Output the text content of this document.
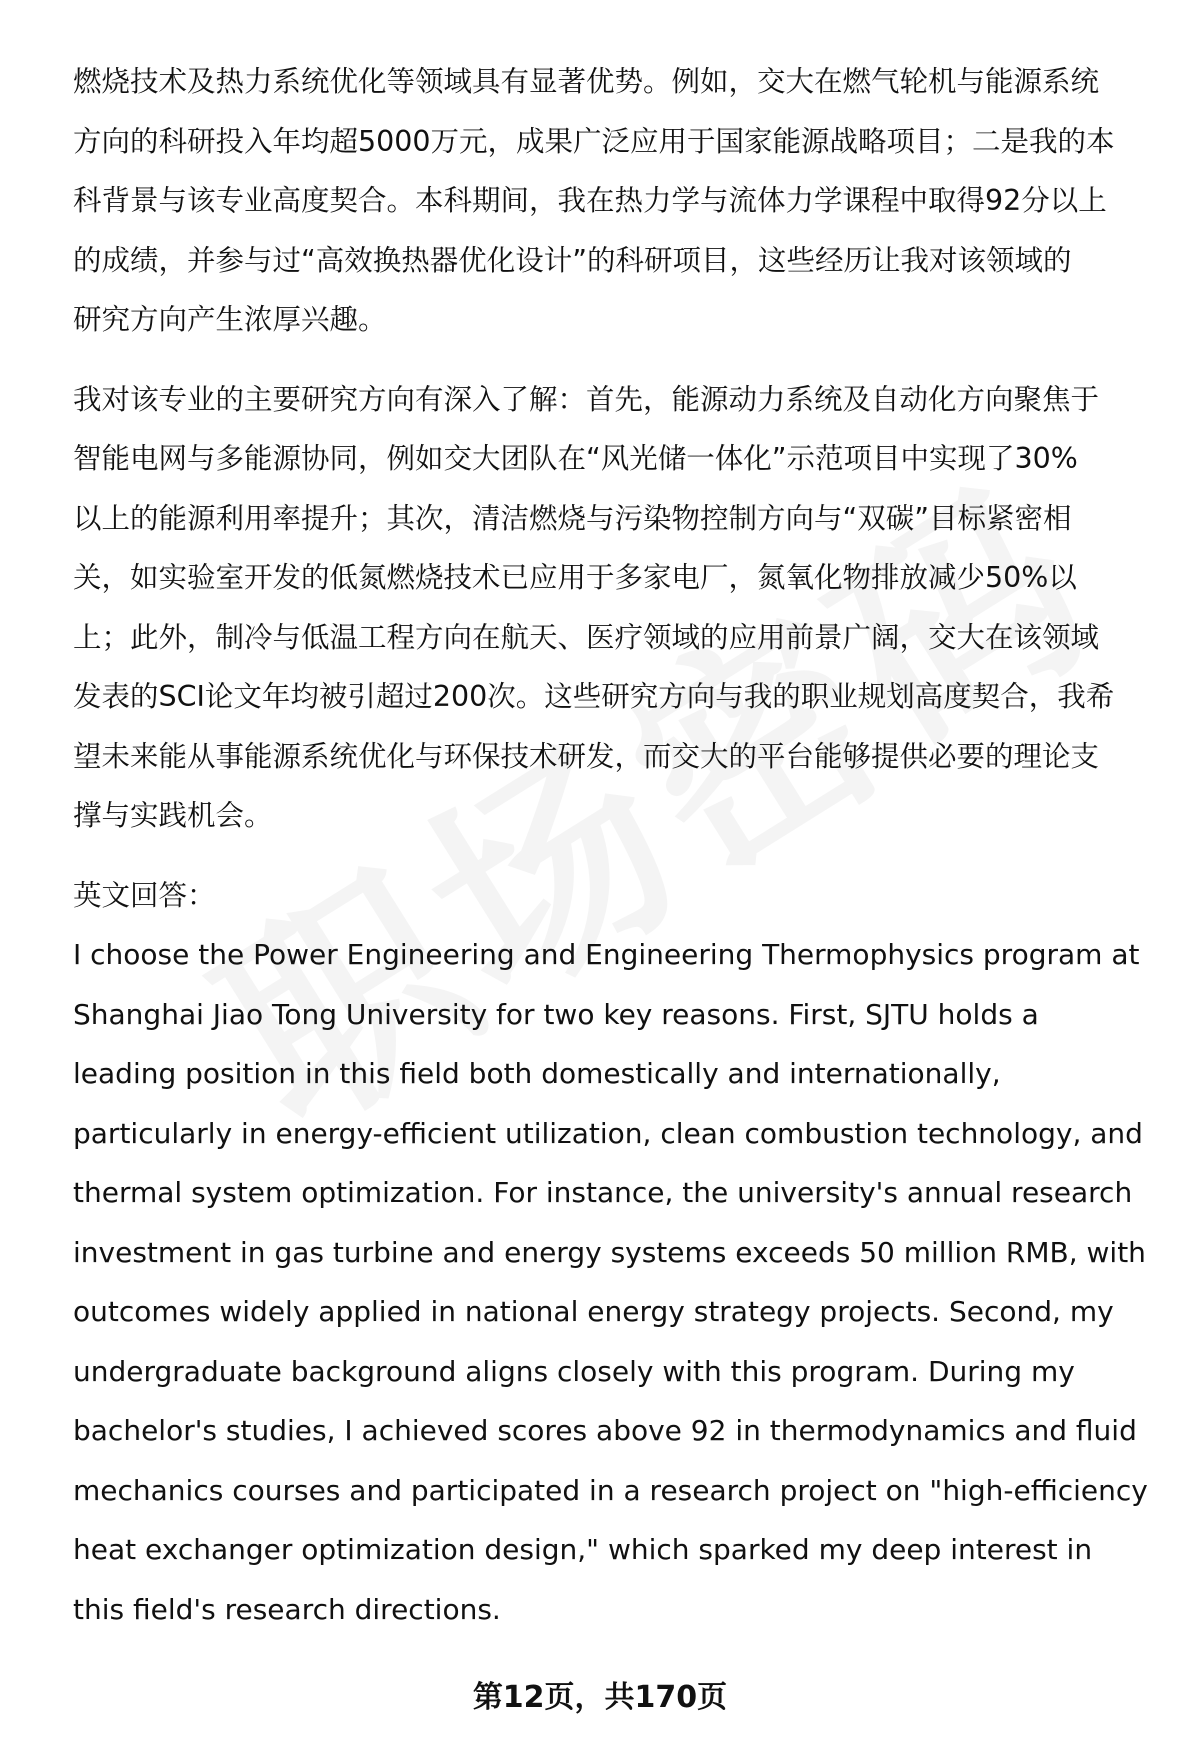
燃烧技术及热力系统优化等领域具有显著优势。例如，交大在燃气轮机与能源系统
方向的科研投入年均超5000万元，成果广泛应用于国家能源战略项目；二是我的本
科背景与该专业高度契合。本科期间，我在热力学与流体力学课程中取得92分以上
的成绩，并参与过“高效换热器优化设计”的科研项目，这些经历让我对该领域的
研究方向产生浓厚兴趣。
我对该专业的主要研究方向有深入了解：首先，能源动力系统及自动化方向聚焦于
智能电网与多能源协同，例如交大团队在“风光储一体化”示范项目中实现了30%
以上的能源利用率提升；其次，清洁燃烧与污染物控制方向与“双碳”目标紧密相
关，如实验室开发的低氮燃烧技术已应用于多家电厂，氮氧化物排放减少50%以
上；此外，制冷与低温工程方向在航天、医疗领域的应用前景广阔，交大在该领域
发表的SCI论文年均被引超过200次。这些研究方向与我的职业规划高度契合，我希
望未来能从事能源系统优化与环保技术研发，而交大的平台能够提供必要的理论支
撑与实践机会。
英文回答：
I choose the Power Engineering and Engineering Thermophysics program at
Shanghai Jiao Tong University for two key reasons. First, SJTU holds a
leading position in this field both domestically and internationally,
particularly in energy-efficient utilization, clean combustion technology, and
thermal system optimization. For instance, the university's annual research
investment in gas turbine and energy systems exceeds 50 million RMB, with
outcomes widely applied in national energy strategy projects. Second, my
undergraduate background aligns closely with this program. During my
bachelor's studies, I achieved scores above 92 in thermodynamics and fluid
mechanics courses and participated in a research project on "high-efficiency
heat exchanger optimization design," which sparked my deep interest in
this field's research directions.
第12页，共170页
